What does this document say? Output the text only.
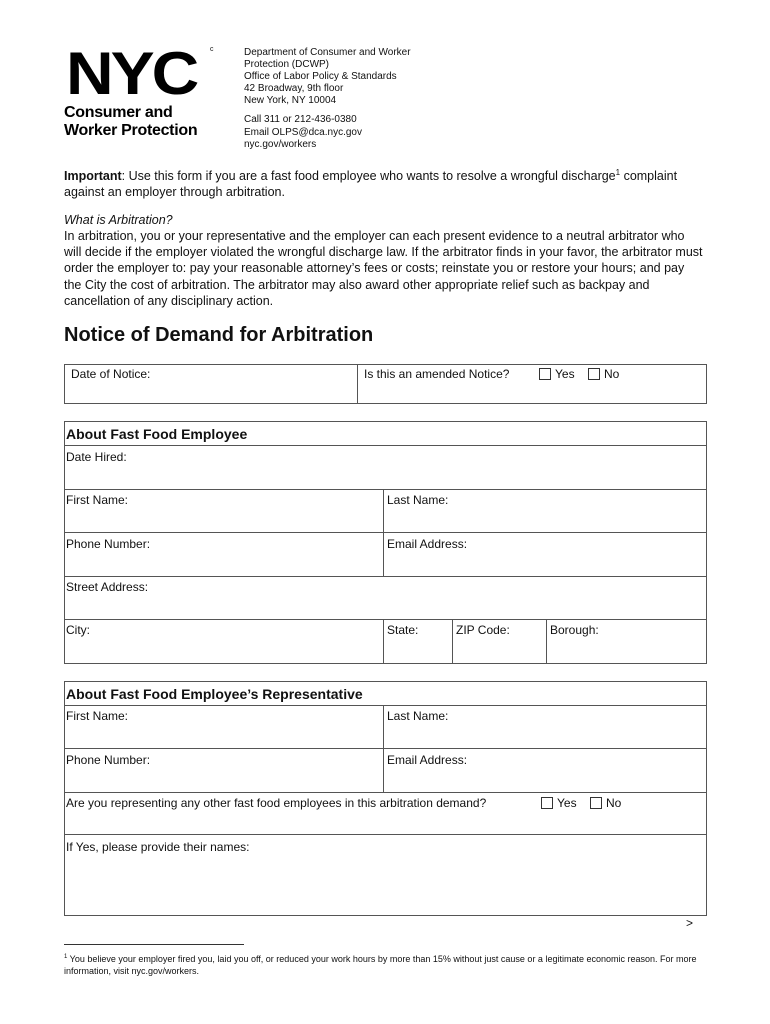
NYC c
Consumer and
Worker Protection
Department of Consumer and Worker
Protection (DCWP)
Office of Labor Policy & Standards
42 Broadway, 9th floor
New York, NY 10004
Call 311 or 212-436-0380
Email OLPS@dca.nyc.gov
nyc.gov/workers
Important: Use this form if you are a fast food employee who wants to resolve a wrongful discharge$^1$ complaint against an employer through arbitration.
What is Arbitration?
In arbitration, you or your representative and the employer can each present evidence to a neutral arbitrator who will decide if the employer violated the wrongful discharge law. If the arbitrator finds in your favor, the arbitrator must order the employer to: pay your reasonable attorney’s fees or costs; reinstate you or restore your hours; and pay the City the cost of arbitration. The arbitrator may also award other appropriate relief such as backpay and cancellation of any disciplinary action.
Notice of Demand for Arbitration
Date of Notice:	Is this an amended Notice?	Yes	No
About Fast Food Employee
Date Hired:
First Name:	Last Name:
Phone Number:	Email Address:
Street Address:
City:	State:	ZIP Code:	Borough:
About Fast Food Employee’s Representative
First Name:	Last Name:
Phone Number:	Email Address:
Are you representing any other fast food employees in this arbitration demand?	Yes	No
If Yes, please provide their names:
>
$^1$ You believe your employer fired you, laid you off, or reduced your work hours by more than 15% without just cause or a legitimate economic reason. For more information, visit nyc.gov/workers.
